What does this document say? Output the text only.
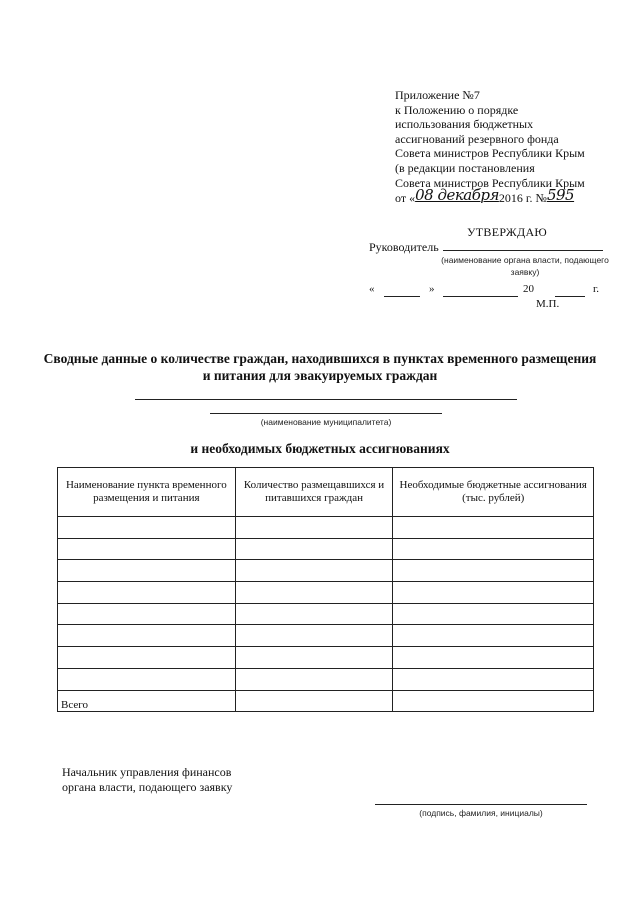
Приложение №7
к Положению о порядке
использования бюджетных
ассигнований резервного фонда
Совета министров Республики Крым
(в редакции постановления
Совета министров Республики Крым
от «08 декабря2016 г. №595
УТВЕРЖДАЮ
Руководитель
(наименование органа власти, подающего заявку)
«	»	20	г.
М.П.
Сводные данные о количестве граждан, находившихся в пунктах временного размещения и питания для эвакуируемых граждан
(наименование муниципалитета)
и необходимых бюджетных ассигнованиях
Наименование пункта временного размещения и питания	Количество размещавшихся и питавшихся граждан	Необходимые бюджетные ассигнования (тыс. рублей)

Всего		
Начальник управления финансов
органа власти, подающего заявку
(подпись, фамилия, инициалы)
